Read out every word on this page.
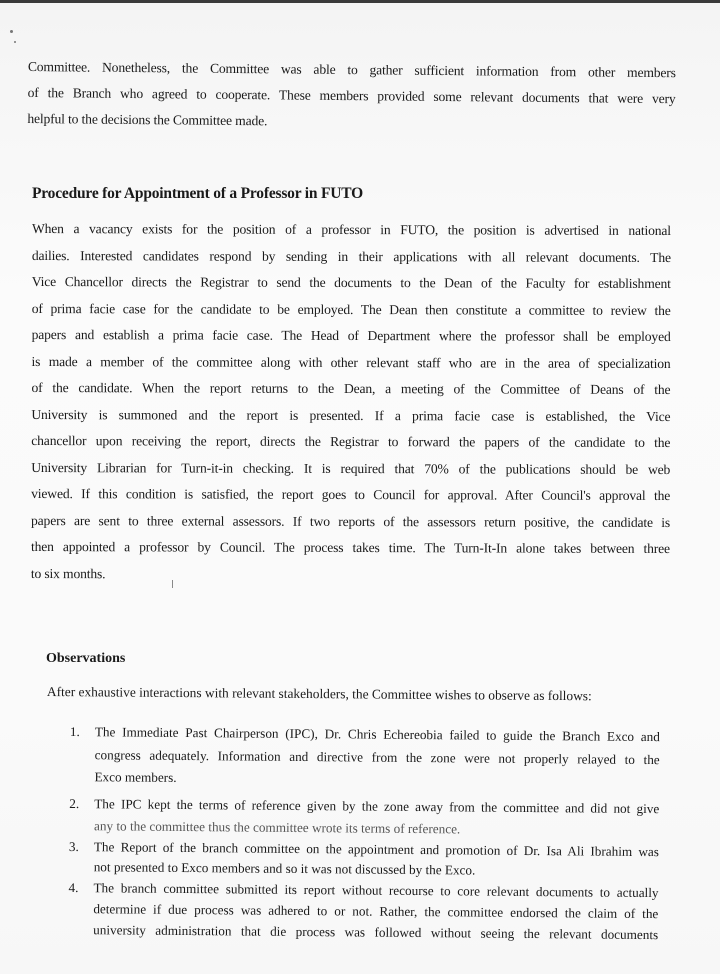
Committee. Nonetheless, the Committee was able to gather sufficient information from other members
of the Branch who agreed to cooperate. These members provided some relevant documents that were very
helpful to the decisions the Committee made.
Procedure for Appointment of a Professor in FUTO
When a vacancy exists for the position of a professor in FUTO, the position is advertised in national
dailies. Interested candidates respond by sending in their applications with all relevant documents. The
Vice Chancellor directs the Registrar to send the documents to the Dean of the Faculty for establishment
of prima facie case for the candidate to be employed. The Dean then constitute a committee to review the
papers and establish a prima facie case. The Head of Department where the professor shall be employed
is made a member of the committee along with other relevant staff who are in the area of specialization
of the candidate. When the report returns to the Dean, a meeting of the Committee of Deans of the
University is summoned and the report is presented. If a prima facie case is established, the Vice
chancellor upon receiving the report, directs the Registrar to forward the papers of the candidate to the
University Librarian for Turn-it-in checking. It is required that 70% of the publications should be web
viewed. If this condition is satisfied, the report goes to Council for approval. After Council's approval the
papers are sent to three external assessors. If two reports of the assessors return positive, the candidate is
then appointed a professor by Council. The process takes time. The Turn-It-In alone takes between three
to six months.
Observations
After exhaustive interactions with relevant stakeholders, the Committee wishes to observe as follows:
1.	The Immediate Past Chairperson (IPC), Dr. Chris Echereobia failed to guide the Branch Exco and
congress adequately. Information and directive from the zone were not properly relayed to the
Exco members.
2.	The IPC kept the terms of reference given by the zone away from the committee and did not give
any to the committee thus the committee wrote its terms of reference.
3.	The Report of the branch committee on the appointment and promotion of Dr. Isa Ali Ibrahim was
not presented to Exco members and so it was not discussed by the Exco.
4.	The branch committee submitted its report without recourse to core relevant documents to actually
determine if due process was adhered to or not. Rather, the committee endorsed the claim of the
university administration that die process was followed without seeing the relevant documents
